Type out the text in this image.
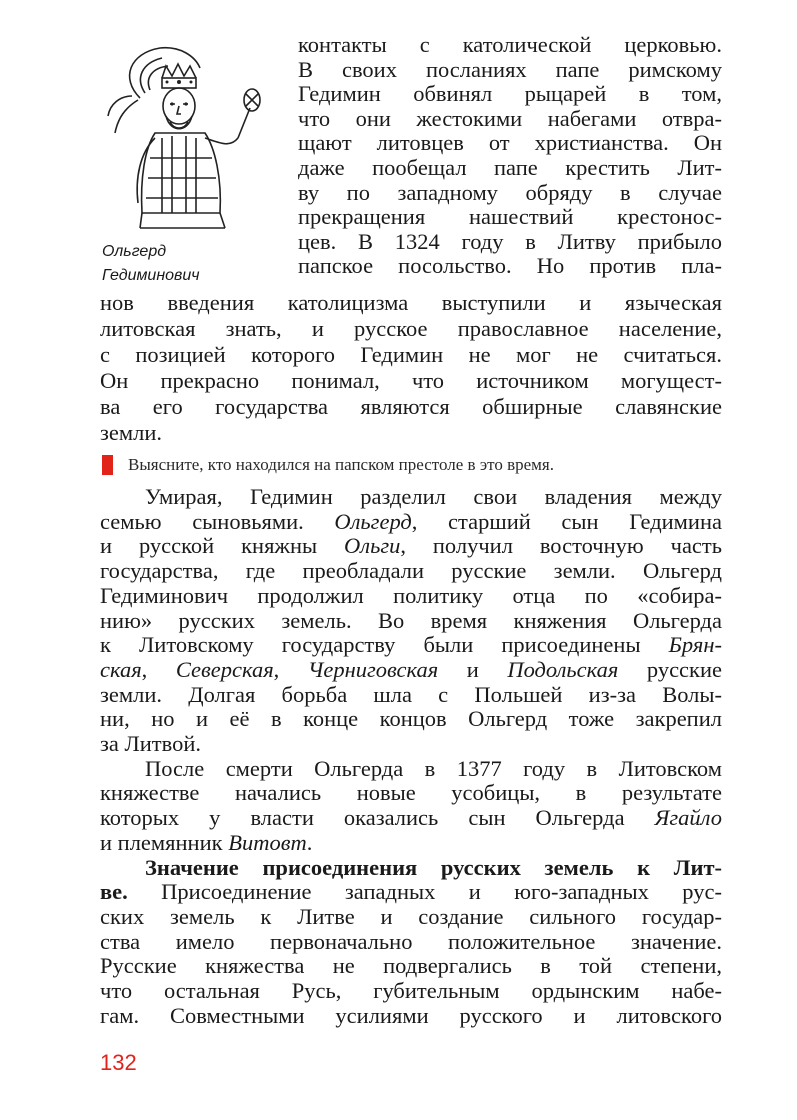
Ольгерд
Гедиминович
контакты с католической церковью.
В своих посланиях папе римскому
Гедимин обвинял рыцарей в том,
что они жестокими набегами отвра-
щают литовцев от христианства. Он
даже пообещал папе крестить Лит-
ву по западному обряду в случае
прекращения нашествий крестонос-
цев. В 1324 году в Литву прибыло
папское посольство. Но против пла-
нов введения католицизма выступили и языческая
литовская знать, и русское православное население,
с позицией которого Гедимин не мог не считаться.
Он прекрасно понимал, что источником могущест-
ва его государства являются обширные славянские
земли.
Выясните, кто находился на папском престоле в это время.
Умирая, Гедимин разделил свои владения между
семью сыновьями. Ольгерд, старший сын Гедимина
и русской княжны Ольги, получил восточную часть
государства, где преобладали русские земли. Ольгерд
Гедиминович продолжил политику отца по «собира-
нию» русских земель. Во время княжения Ольгерда
к Литовскому государству были присоединены Брян-
ская, Северская, Черниговская и Подольская русские
земли. Долгая борьба шла с Польшей из-за Волы-
ни, но и её в конце концов Ольгерд тоже закрепил
за Литвой.
После смерти Ольгерда в 1377 году в Литовском
княжестве начались новые усобицы, в результате
которых у власти оказались сын Ольгерда Ягайло
и племянник Витовт.
Значение присоединения русских земель к Лит-
ве. Присоединение западных и юго-западных рус-
ских земель к Литве и создание сильного государ-
ства имело первоначально положительное значение.
Русские княжества не подвергались в той степени,
что остальная Русь, губительным ордынским набе-
гам. Совместными усилиями русского и литовского
132
